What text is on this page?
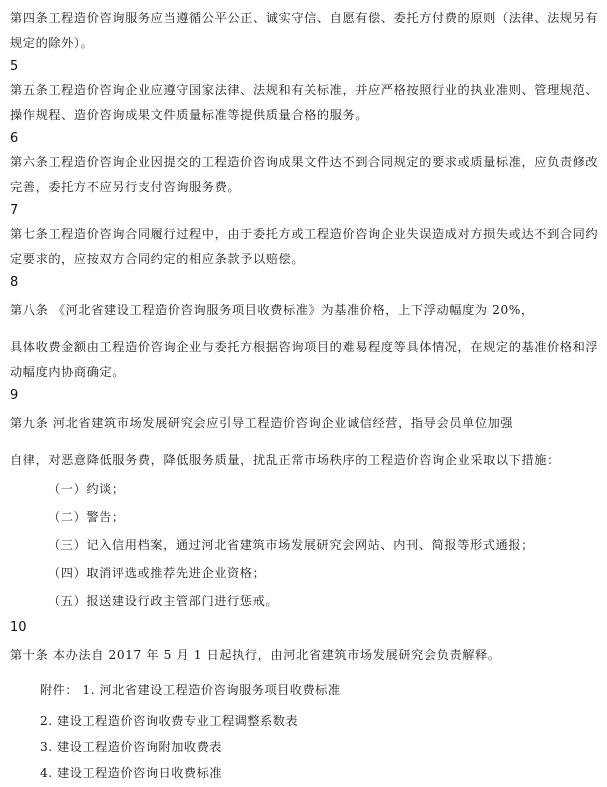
第四条工程造价咨询服务应当遵循公平公正、诚实守信、自愿有偿、委托方付费的原则（法律、法规另有规定的除外）。

5

第五条工程造价咨询企业应遵守国家法律、法规和有关标准，并应严格按照行业的执业准则、管理规范、操作规程、造价咨询成果文件质量标准等提供质量合格的服务。

6

第六条工程造价咨询企业因提交的工程造价咨询成果文件达不到合同规定的要求或质量标准，应负责修改完善，委托方不应另行支付咨询服务费。

7

第七条工程造价咨询合同履行过程中，由于委托方或工程造价咨询企业失误造成对方损失或达不到合同约定要求的，应按双方合同约定的相应条款予以赔偿。

8

第八条 《河北省建设工程造价咨询服务项目收费标准》为基准价格，上下浮动幅度为 20%，

具体收费金额由工程造价咨询企业与委托方根据咨询项目的难易程度等具体情况，在规定的基准价格和浮动幅度内协商确定。

9

第九条 河北省建筑市场发展研究会应引导工程造价咨询企业诚信经营，指导会员单位加强

自律，对恶意降低服务费，降低服务质量，扰乱正常市场秩序的工程造价咨询企业采取以下措施：

（一）约谈；

（二）警告；

（三）记入信用档案，通过河北省建筑市场发展研究会网站、内刊、简报等形式通报；

（四）取消评选或推荐先进企业资格；

（五）报送建设行政主管部门进行惩戒。

10

第十条 本办法自 2017 年 5 月 1 日起执行，由河北省建筑市场发展研究会负责解释。

附件： 1. 河北省建设工程造价咨询服务项目收费标准

2. 建设工程造价咨询收费专业工程调整系数表

3. 建设工程造价咨询附加收费表

4. 建设工程造价咨询日收费标准
